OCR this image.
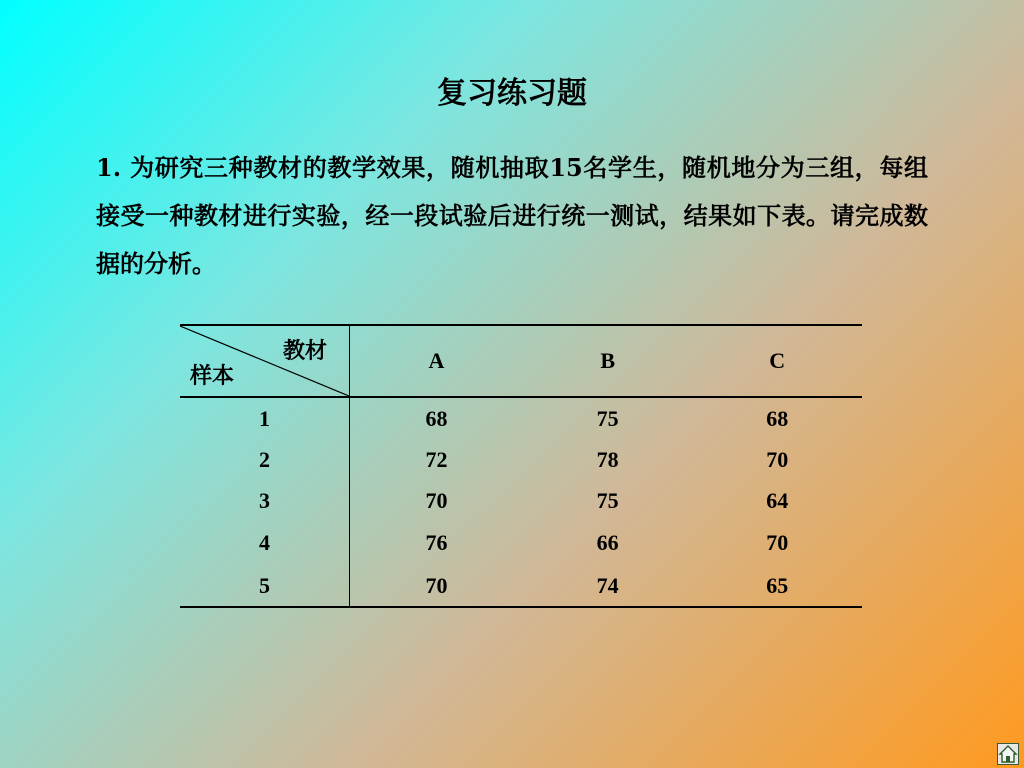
复习练习题
1. 为研究三种教材的教学效果，随机抽取15名学生，随机地分为三组，每组接受一种教材进行实验，经一段试验后进行统一测试，结果如下表。请完成数据的分析。
教材
样本	A	B	C
1	68	75	68
2	72	78	70
3	70	75	64
4	76	66	70
5	70	74	65
